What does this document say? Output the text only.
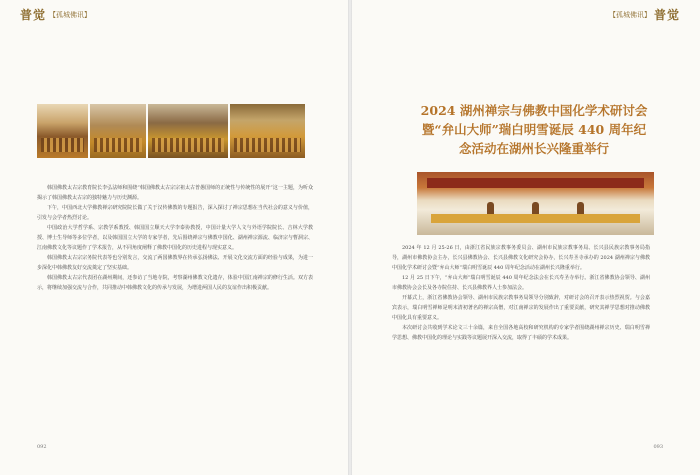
普觉 【孤城佛讯】

韩国佛教太古宗教育院长李弘法师和围绕“韩国佛教太古宗宗祖太古普愚国师的正统性与传统性的展开”这一主题，为听众揭示了韩国佛教太古宗的独特魅力与历史渊源。

下午，中国西北大学佛教禅宗研究院院长做了关于汉传佛教的专题报告，深入探讨了禅宗思想在当代社会的意义与价值，引发与会学者热烈讨论。

中国政治大学哲学系、宗教学系教授、韩国国立顺天大学李泰协教授，中国计量大学人文与外语学院院长、吉林大学教授、博士生导师等多位学者，以及韩国国立大学的专家学者，先后围绕禅宗与佛教中国化、湖州禅宗源流、临济宗与曹洞宗、江南佛教文化等议题作了学术报告，从不同角度阐释了佛教中国化的历史进程与现实意义。

韩国佛教太古宗宗务院代表等也分别发言，交流了两国佛教界在传承弘扬佛法、开展文化交流方面的经验与成果，为进一步深化中韩佛教友好交流奠定了坚实基础。

韩国佛教太古宗代表团在湖州期间，还参访了当地寺院，考察湖州佛教文化遗存，体验中国江南禅宗的修行生活。双方表示，将继续加强交流与合作，共同推动中韩佛教文化的传承与发展，为增进两国人民的友谊作出积极贡献。

092
【孤城佛讯】 普觉
2024 湖州禅宗与佛教中国化学术研讨会
暨“弁山大师”瑞白明雪诞辰 440 周年纪
念活动在湖州长兴隆重举行

2024 年 12 月 25-26 日，由浙江省民族宗教事务委员会、湖州市民族宗教事务局、长兴县民族宗教事务局指导，湖州市佛教协会主办，长兴县佛教协会、长兴县佛教文化研究会协办，长兴寿圣寺承办的 2024 湖州禅宗与佛教中国化学术研讨会暨“弁山大师”瑞白明雪诞辰 440 周年纪念活动在湖州长兴隆重举行。

12 月 25 日下午，“弁山大师”瑞白明雪诞辰 440 周年纪念法会在长兴寿圣寺举行。浙江省佛教协会领导、湖州市佛教协会会长及各寺院住持、长兴县佛教界人士参加法会。

开幕式上，浙江省佛教协会领导、湖州市民族宗教事务局领导分别致辞，对研讨会的召开表示热烈祝贺。与会嘉宾表示，瑞白明雪禅师是明末清初著名的禅宗高僧，对江南禅宗的发展作出了重要贡献，研究其禅学思想对推动佛教中国化具有重要意义。

本次研讨会共收到学术论文三十余篇，来自全国各地高校和研究机构的专家学者围绕湖州禅宗历史、瑞白明雪禅学思想、佛教中国化的理论与实践等议题展开深入交流，取得了丰硕的学术成果。

093
